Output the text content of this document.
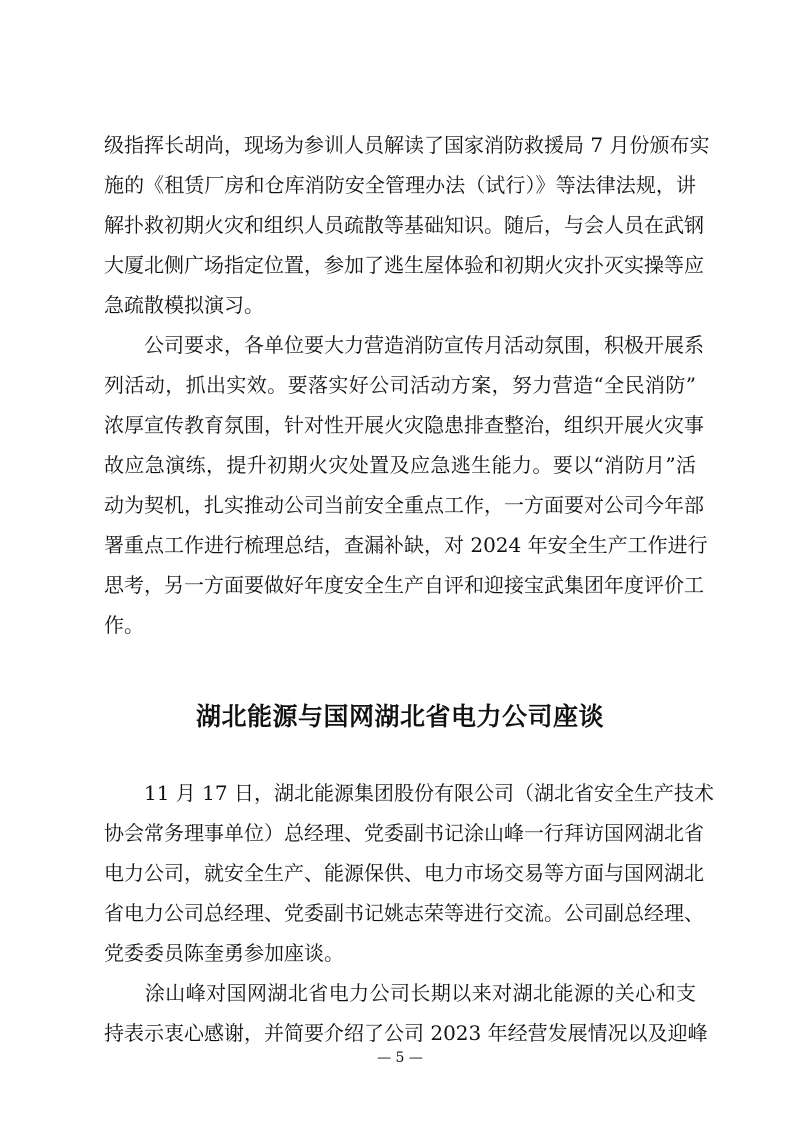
级指挥长胡尚，现场为参训人员解读了国家消防救援局 7 月份颁布实
施的《租赁厂房和仓库消防安全管理办法（试行）》等法律法规，讲
解扑救初期火灾和组织人员疏散等基础知识。随后，与会人员在武钢
大厦北侧广场指定位置，参加了逃生屋体验和初期火灾扑灭实操等应
急疏散模拟演习。
　　公司要求，各单位要大力营造消防宣传月活动氛围，积极开展系
列活动，抓出实效。要落实好公司活动方案，努力营造“全民消防”
浓厚宣传教育氛围，针对性开展火灾隐患排查整治，组织开展火灾事
故应急演练，提升初期火灾处置及应急逃生能力。要以“消防月”活
动为契机，扎实推动公司当前安全重点工作，一方面要对公司今年部
署重点工作进行梳理总结，查漏补缺，对 2024 年安全生产工作进行
思考，另一方面要做好年度安全生产自评和迎接宝武集团年度评价工
作。
湖北能源与国网湖北省电力公司座谈
　　11 月 17 日，湖北能源集团股份有限公司（湖北省安全生产技术
协会常务理事单位）总经理、党委副书记涂山峰一行拜访国网湖北省
电力公司，就安全生产、能源保供、电力市场交易等方面与国网湖北
省电力公司总经理、党委副书记姚志荣等进行交流。公司副总经理、
党委委员陈奎勇参加座谈。
　　涂山峰对国网湖北省电力公司长期以来对湖北能源的关心和支
持表示衷心感谢，并简要介绍了公司 2023 年经营发展情况以及迎峰
— 5 —
